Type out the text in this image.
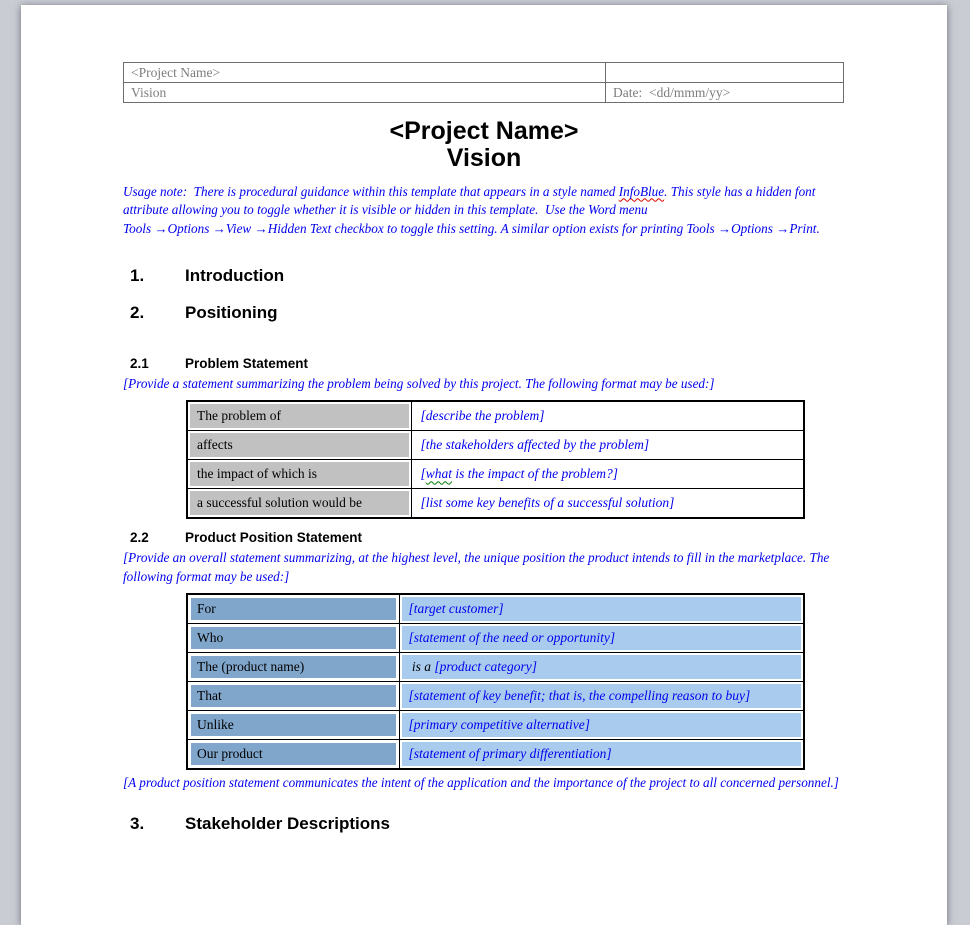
<Project Name>	
Vision	Date:  <dd/mmm/yy>
<Project Name>
Vision
Usage note:  There is procedural guidance within this template that appears in a style named InfoBlue. This style has a hidden font attribute allowing you to toggle whether it is visible or hidden in this template.  Use the Word menu
Tools →Options →View →Hidden Text checkbox to toggle this setting. A similar option exists for printing Tools →Options →Print.
1.	Introduction
2.	Positioning
2.1	Problem Statement
[Provide a statement summarizing the problem being solved by this project. The following format may be used:]
The problem of	[describe the problem]
affects	[the stakeholders affected by the problem]
the impact of which is	[what is the impact of the problem?]
a successful solution would be	[list some key benefits of a successful solution]
2.2	Product Position Statement
[Provide an overall statement summarizing, at the highest level, the unique position the product intends to fill in the marketplace. The following format may be used:]
For	[target customer]
Who	[statement of the need or opportunity]
The (product name)	is a [product category]
That	[statement of key benefit; that is, the compelling reason to buy]
Unlike	[primary competitive alternative]
Our product	[statement of primary differentiation]
[A product position statement communicates the intent of the application and the importance of the project to all concerned personnel.]
3.	Stakeholder Descriptions
